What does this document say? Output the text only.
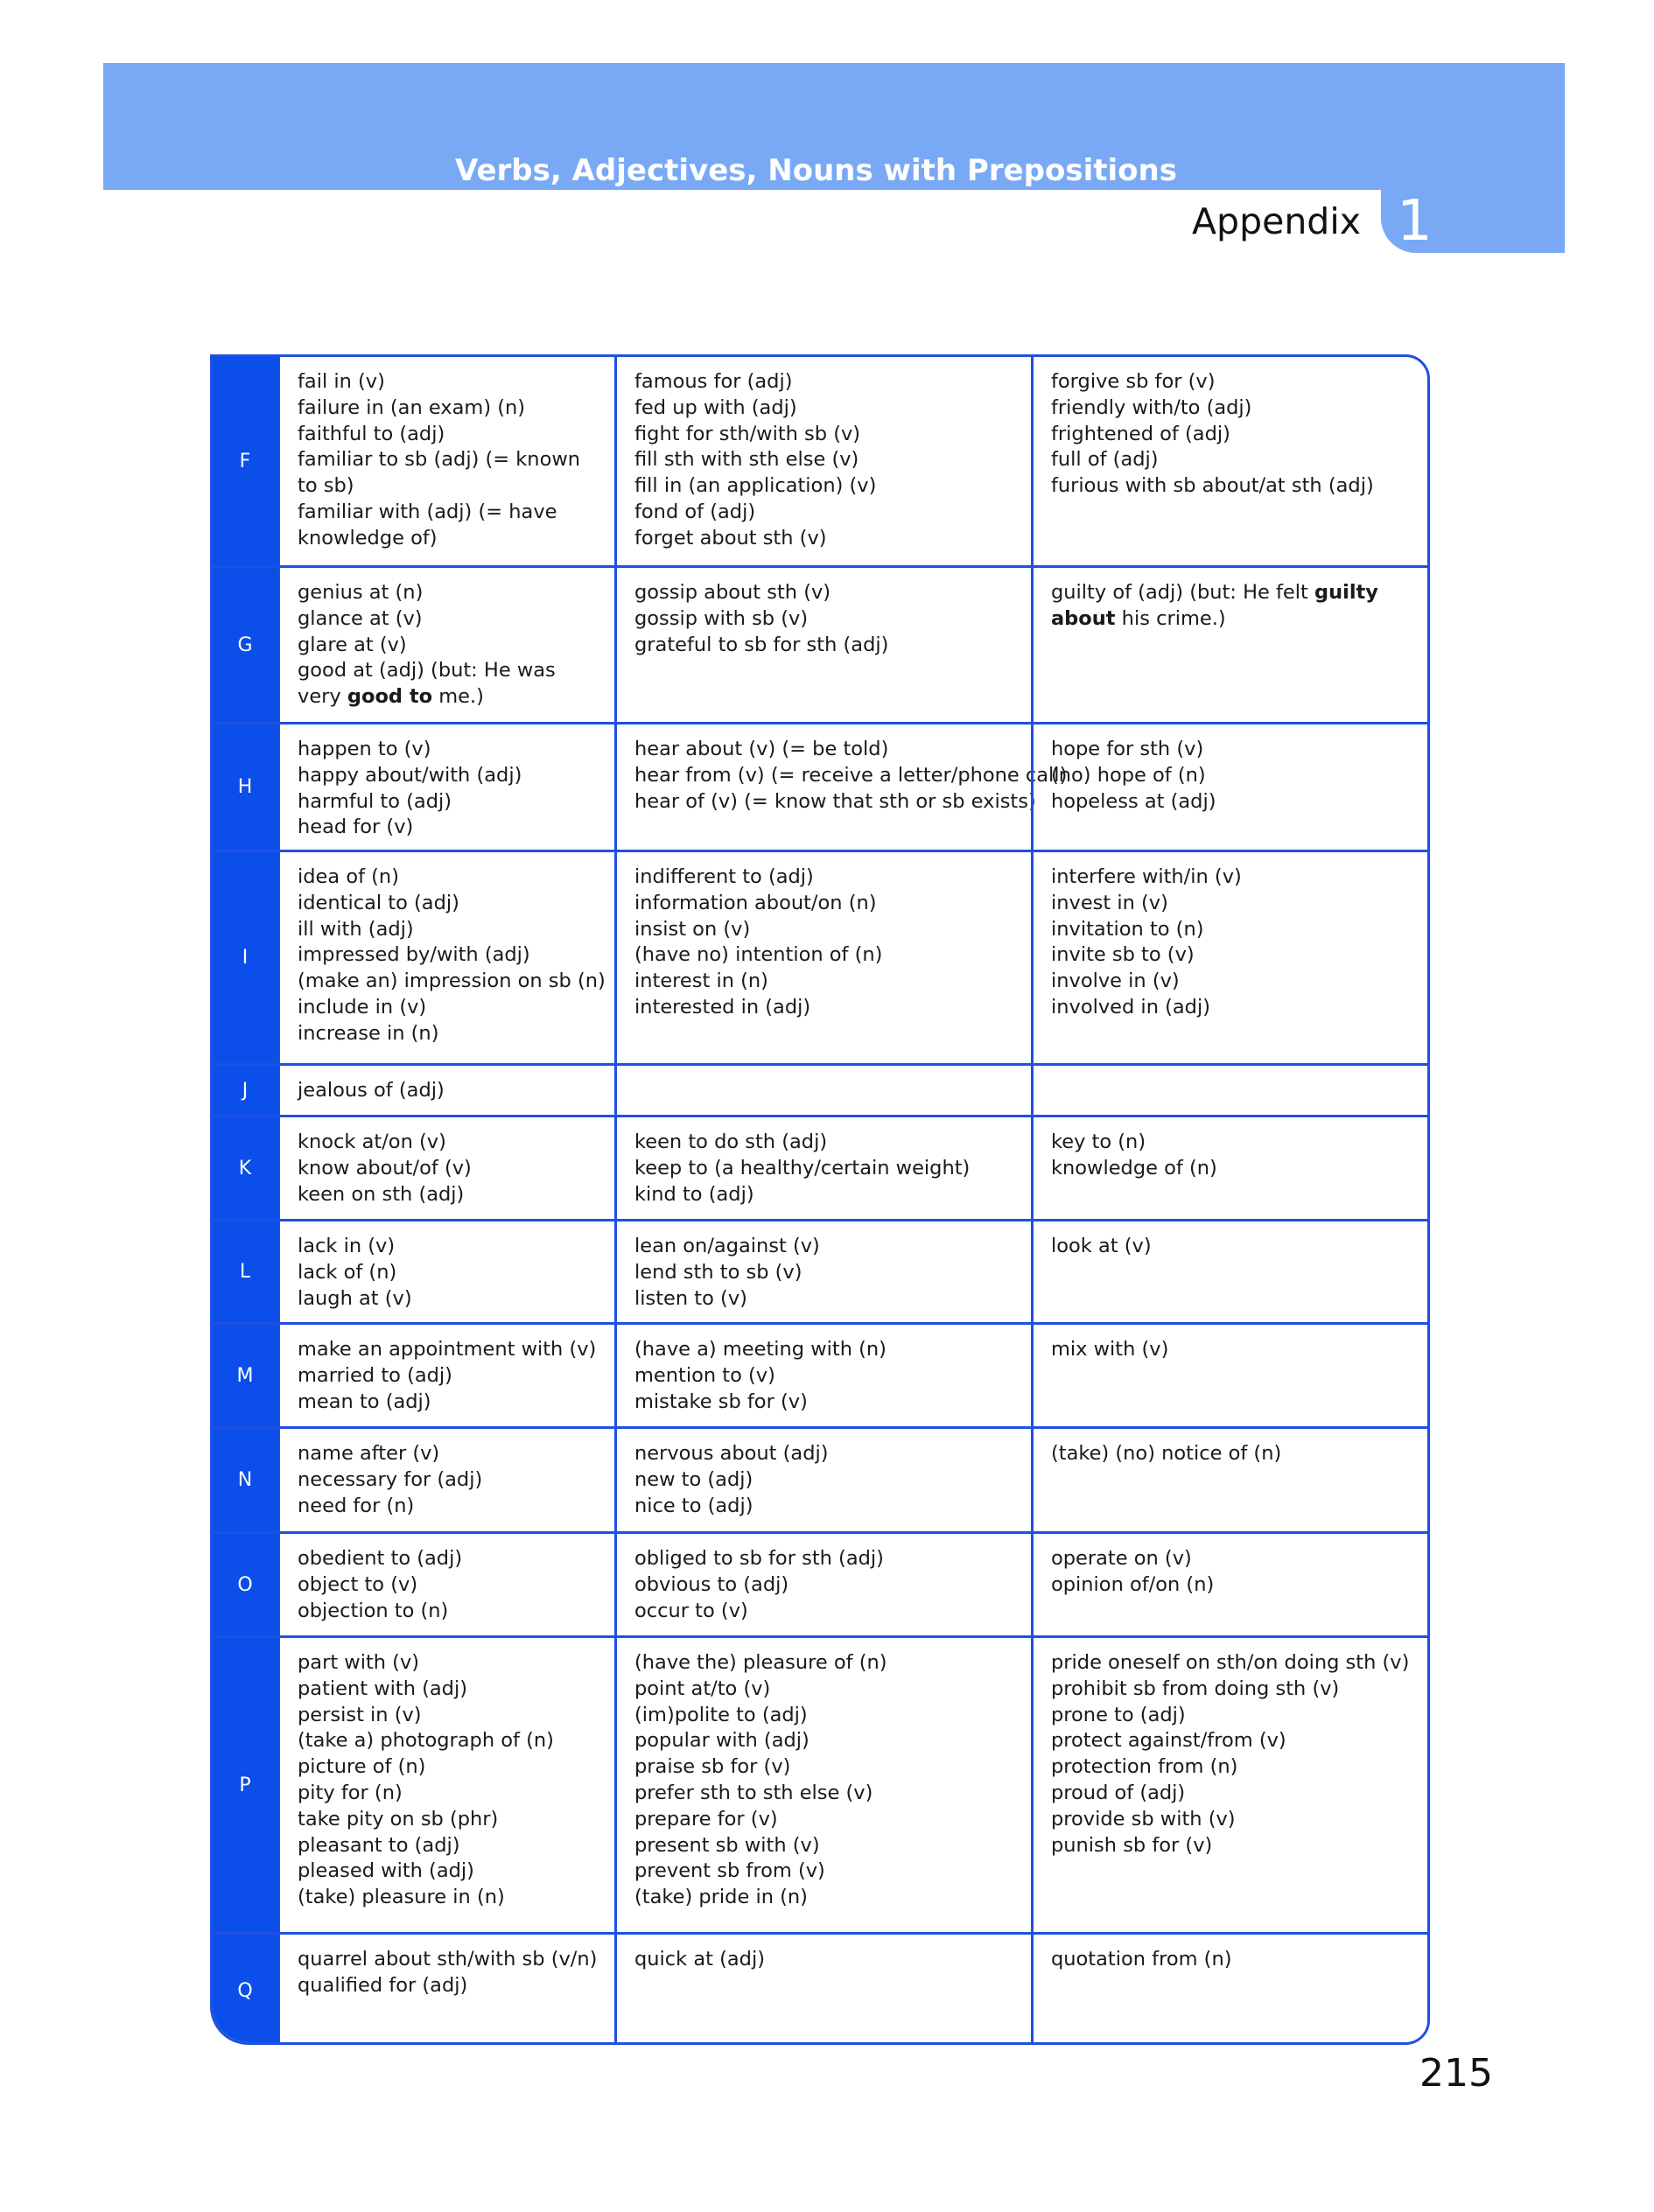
Verbs, Adjectives, Nouns with Prepositions
Appendix 1
F
fail in (v)
failure in (an exam) (n)
faithful to (adj)
familiar to sb (adj) (= known
to sb)
familiar with (adj) (= have
knowledge of)
famous for (adj)
fed up with (adj)
fight for sth/with sb (v)
fill sth with sth else (v)
fill in (an application) (v)
fond of (adj)
forget about sth (v)
forgive sb for (v)
friendly with/to (adj)
frightened of (adj)
full of (adj)
furious with sb about/at sth (adj)
G
genius at (n)
glance at (v)
glare at (v)
good at (adj) (but: He was
very good to me.)
gossip about sth (v)
gossip with sb (v)
grateful to sb for sth (adj)
guilty of (adj) (but: He felt guilty
about his crime.)
H
happen to (v)
happy about/with (adj)
harmful to (adj)
head for (v)
hear about (v) (= be told)
hear from (v) (= receive a letter/phone call)
hear of (v) (= know that sth or sb exists)
hope for sth (v)
(no) hope of (n)
hopeless at (adj)
I
idea of (n)
identical to (adj)
ill with (adj)
impressed by/with (adj)
(make an) impression on sb (n)
include in (v)
increase in (n)
indifferent to (adj)
information about/on (n)
insist on (v)
(have no) intention of (n)
interest in (n)
interested in (adj)
interfere with/in (v)
invest in (v)
invitation to (n)
invite sb to (v)
involve in (v)
involved in (adj)
J	jealous of (adj)
K
knock at/on (v)
know about/of (v)
keen on sth (adj)
keen to do sth (adj)
keep to (a healthy/certain weight)
kind to (adj)
key to (n)
knowledge of (n)
L
lack in (v)
lack of (n)
laugh at (v)
lean on/against (v)
lend sth to sb (v)
listen to (v)
look at (v)
M
make an appointment with (v)
married to (adj)
mean to (adj)
(have a) meeting with (n)
mention to (v)
mistake sb for (v)
mix with (v)
N
name after (v)
necessary for (adj)
need for (n)
nervous about (adj)
new to (adj)
nice to (adj)
(take) (no) notice of (n)
O
obedient to (adj)
object to (v)
objection to (n)
obliged to sb for sth (adj)
obvious to (adj)
occur to (v)
operate on (v)
opinion of/on (n)
P
part with (v)
patient with (adj)
persist in (v)
(take a) photograph of (n)
picture of (n)
pity for (n)
take pity on sb (phr)
pleasant to (adj)
pleased with (adj)
(take) pleasure in (n)
(have the) pleasure of (n)
point at/to (v)
(im)polite to (adj)
popular with (adj)
praise sb for (v)
prefer sth to sth else (v)
prepare for (v)
present sb with (v)
prevent sb from (v)
(take) pride in (n)
pride oneself on sth/on doing sth (v)
prohibit sb from doing sth (v)
prone to (adj)
protect against/from (v)
protection from (n)
proud of (adj)
provide sb with (v)
punish sb for (v)
Q
quarrel about sth/with sb (v/n)
qualified for (adj)
quick at (adj)	quotation from (n)
215
